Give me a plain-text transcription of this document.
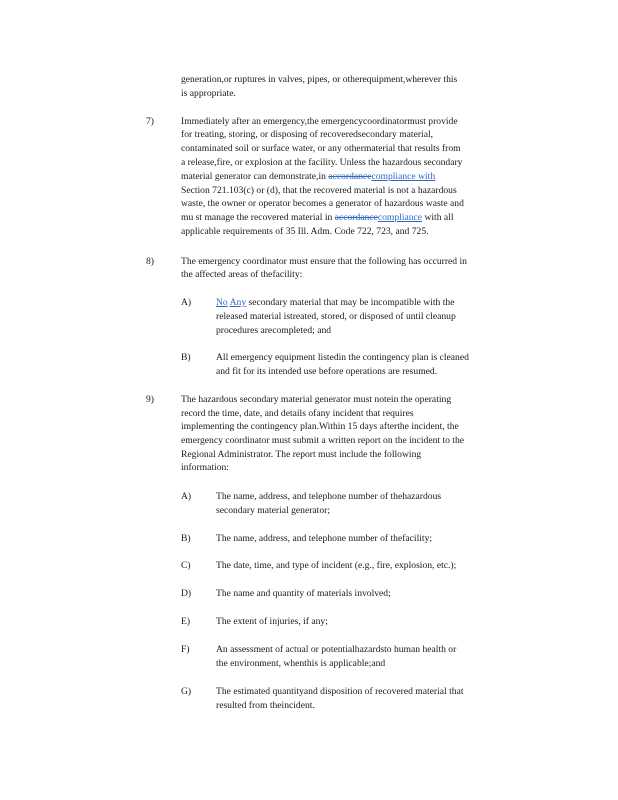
generation,or ruptures in valves, pipes, or otherequipment,wherever this
is appropriate.
7)	Immediately after an emergency,the emergencycoordinatormust provide
for treating, storing, or disposing of recoveredsecondary material,
contaminated soil or surface water, or any othermaterial that results from
a release,fire, or explosion at the facility. Unless the hazardous secondary
material generator can demonstrate,in accordancecompliance with
Section 721.103(c) or (d), that the recovered material is not a hazardous
waste, the owner or operator becomes a generator of hazardous waste and
mu st manage the recovered material in accordancecompliance with all
applicable requirements of 35 Ill. Adm. Code 722, 723, and 725.
8)	The emergency coordinator must ensure that the following has occurred in
the affected areas of thefacility:
A)	No Any secondary material that may be incompatible with the
released material istreated, stored, or disposed of until cleanup
procedures arecompleted; and
B)	All emergency equipment listedin the contingency plan is cleaned
and fit for its intended use before operations are resumed.
9)	The hazardous secondary material generator must notein the operating
record the time, date, and details ofany incident that requires
implementing the contingency plan.Within 15 days afterthe incident, the
emergency coordinator must submit a written report on the incident to the
Regional Administrator. The report must include the following
information:
A)	The name, address, and telephone number of thehazardous
secondary material generator;
B)	The name, address, and telephone number of thefacility;
C)	The date, time, and type of incident (e.g., fire, explosion, etc.);
D)	The name and quantity of materials involved;
E)	The extent of injuries, if any;
F)	An assessment of actual or potentialhazardsto human health or
the environment, whenthis is applicable;and
G)	The estimated quantityand disposition of recovered material that
resulted from theincident.
